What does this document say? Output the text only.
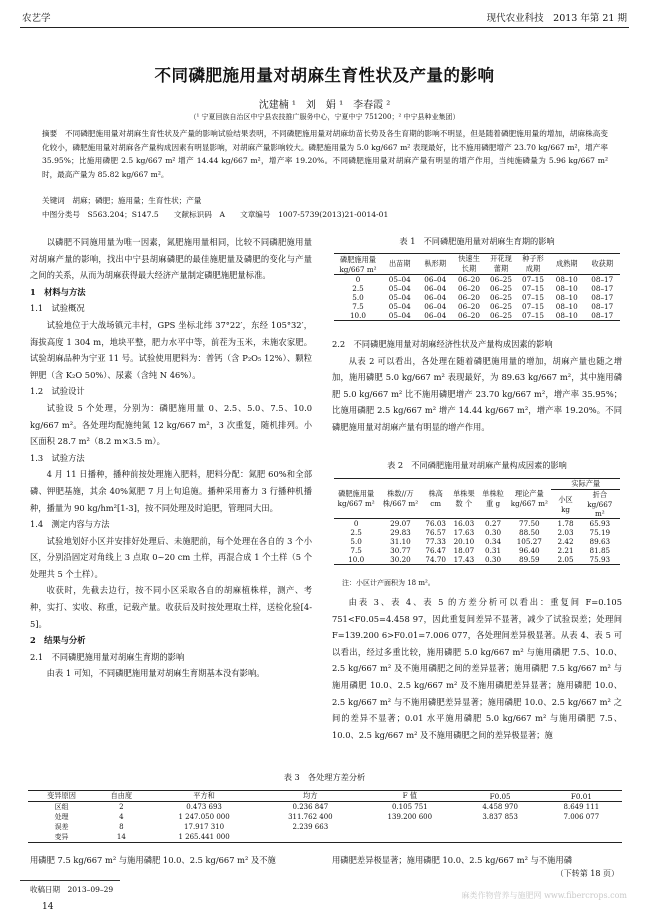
农艺学	现代农业科技　2013 年第 21 期
不同磷肥施用量对胡麻生育性状及产量的影响
沈建楠 ¹　刘　娟 ¹　李春霞 ²
（¹ 宁夏回族自治区中宁县农技推广服务中心，宁夏中宁 751200；² 中宁县种业集团）
摘要　不同磷肥施用量对胡麻生育性状及产量的影响试验结果表明，不同磷肥施用量对胡麻幼苗长势及各生育期的影响不明显，但是随着磷肥施用量的增加，胡麻株高变化较小，磷肥施用量对胡麻各产量构成因素有明显影响，对胡麻产量影响较大。磷肥施用量为 5.0 kg/667 m² 表现最好，比不施用磷肥增产 23.70 kg/667 m²，增产率 35.95%；比施用磷肥 2.5 kg/667 m² 增产 14.44 kg/667 m²，增产率 19.20%。不同磷肥施用量对胡麻产量有明显的增产作用，当纯施磷量为 5.96 kg/667 m² 时，最高产量为 85.82 kg/667 m²。
关键词　胡麻；磷肥；施用量；生育性状；产量
中图分类号　S563.204；S147.5　　文献标识码　A　　文章编号　1007-5739(2013)21-0014-01

以磷肥不同施用量为唯一因素，氮肥施用量相同，比较不同磷肥施用量对胡麻产量的影响，找出中宁县胡麻磷肥的最佳施肥量及磷肥的变化与产量之间的关系，从而为胡麻获得最大经济产量制定磷肥施肥量标准。

1　材料与方法
1.1　试验概况

试验地位于大战场镇元丰村，GPS 坐标北纬 37°22′，东经 105°32′，海拔高度 1 304 m，地块平整，肥力水平中等，前茬为玉米，未施农家肥。试验胡麻品种为宁亚 11 号。试验使用肥料为：普钙（含 P₂O₅ 12%）、颗粒钾肥（含 K₂O 50%）、尿素（含纯 N 46%）。

1.2　试验设计

试验设 5 个处理，分别为：磷肥施用量 0、2.5、5.0、7.5、10.0 kg/667 m²。各处理均配施纯氮 12 kg/667 m²，3 次重复，随机排列。小区面积 28.7 m²（8.2 m×3.5 m）。

1.3　试验方法

4 月 11 日播种，播种前按处理施入肥料，肥料分配：氮肥 60%和全部磷、钾肥基施，其余 40%氮肥 7 月上旬追施。播种采用畜力 3 行播种机播种，播量为 90 kg/hm²[1-3]，按不同处理及时追肥，管理同大田。

1.4　测定内容与方法

试验地划好小区并安排好处理后、未施肥前，每个处理在各自的 3 个小区，分别沿固定对角线上 3 点取 0~20 cm 土样，再混合成 1 个土样（5 个处理共 5 个土样）。

收获时，先截去边行，按不同小区采取各自的胡麻植株样，测产、考种，实打、实收、称重，记载产量。收获后及时按处理取土样，送检化验[4-5]。

2　结果与分析
2.1　不同磷肥施用量对胡麻生育期的影响

由表 1 可知，不同磷肥施用量对胡麻生育期基本没有影响。

表 1　不同磷肥施用量对胡麻生育期的影响
磷肥施用量 kg/667 m²	出苗期	枞形期	快速生长期	开花现蕾期	种子形成期	成熟期	收获期
0	05–04	06–04	06–20	06–25	07–15	08–10	08–17
2.5	05–04	06–04	06–20	06–25	07–15	08–10	08–17
5.0	05–04	06–04	06–20	06–25	07–15	08–10	08–17
7.5	05–04	06–04	06–20	06–25	07–15	08–10	08–17
10.0	05–04	06–04	06–20	06–25	07–15	08–10	08–17
2.2　不同磷肥施用量对胡麻经济性状及产量构成因素的影响

从表 2 可以看出，各处理在随着磷肥施用量的增加，胡麻产量也随之增加，施用磷肥 5.0 kg/667 m² 表现最好，为 89.63 kg/667 m²，其中施用磷肥 5.0 kg/667 m² 比不施用磷肥增产 23.70 kg/667 m²，增产率 35.95%；比施用磷肥 2.5 kg/667 m² 增产 14.44 kg/667 m²，增产率 19.20%。不同磷肥施用量对胡麻产量有明显的增产作用。

表 2　不同磷肥施用量对胡麻产量构成因素的影响
磷肥施用量 kg/667 m²	株数//万株/667 m²	株高 cm	单株果数 个	单株粒重 g	理论产量 kg/667 m²	实际产量	
						小区 kg	折合 kg/667 m²
0	29.07	76.03	16.03	0.27	77.50	1.78	65.93
2.5	29.83	76.57	17.63	0.30	88.50	2.03	75.19
5.0	31.10	77.33	20.10	0.34	105.27	2.42	89.63
7.5	30.77	76.47	18.07	0.31	96.40	2.21	81.85
10.0	30.20	74.70	17.43	0.30	89.59	2.05	75.93
注：小区计产面积为 18 m²。

由表 3、表 4、表 5 的方差分析可以看出：重复间 F=0.105 751<F0.05=4.458 97，因此重复间差异不显著，减少了试验误差；处理间 F=139.200 6>F0.01=7.006 077，各处理间差异极显著。从表 4、表 5 可以看出，经过多重比较，施用磷肥 5.0 kg/667 m² 与施用磷肥 7.5、10.0、2.5 kg/667 m² 及不施用磷肥之间的差异显著；施用磷肥 7.5 kg/667 m² 与施用磷肥 10.0、2.5 kg/667 m² 及不施用磷肥差异显著；施用磷肥 10.0、2.5 kg/667 m² 与不施用磷肥差异显著；施用磷肥 10.0、2.5 kg/667 m² 之间的差异不显著；0.01 水平施用磷肥 5.0 kg/667 m² 与施用磷肥 7.5、10.0、2.5 kg/667 m² 及不施用磷肥之间的差异极显著；施

表 3　各处理方差分析
变异原因	自由度	平方和	均方	F 值	F0.05	F0.01
区组	2	0.473 693	0.236 847	0.105 751	4.458 970	8.649 111
处理	4	1 247.050 000	311.762 400	139.200 600	3.837 853	7.006 077
误差	8	17.917 310	2.239 663			
变异	14	1 265.441 000				
用磷肥 7.5 kg/667 m² 与施用磷肥 10.0、2.5 kg/667 m² 及不施	用磷肥差异极显著；施用磷肥 10.0、2.5 kg/667 m² 与不施用磷
（下转第 18 页）
收稿日期　2013–09–29
14
麻类作物营养与施肥网 www.fibercrops.com
